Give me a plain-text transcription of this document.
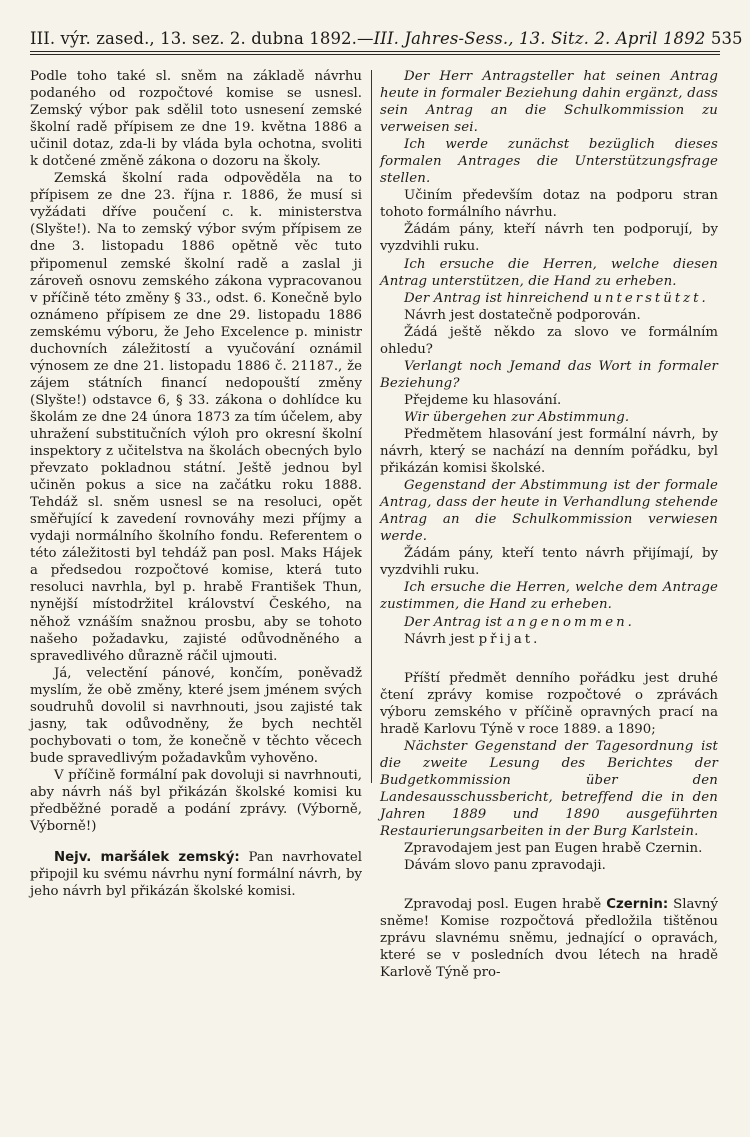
III. výr. zased., 13. sez. 2. dubna 1892. — III. Jahres-Sess., 13. Sitz. 2. April 1892 535

Podle toho také sl. sněm na základě návrhu podaného od rozpočtové komise se usnesl. Zemský výbor pak sdělil toto usnesení zemské školní radě přípisem ze dne 19. května 1886 a učinil dotaz, zda-li by vláda byla ochotna, svoliti k dotčené změně zákona o dozoru na školy.

Zemská školní rada odpověděla na to přípisem ze dne 23. října r. 1886, že musí si vyžádati dříve poučení c. k. ministerstva (Slyšte!). Na to zemský výbor svým přípisem ze dne 3. listopadu 1886 opětně věc tuto připomenul zemské školní radě a zaslal ji zároveň osnovu zemského zákona vypracovanou v příčině této změny § 33., odst. 6. Konečně bylo oznámeno přípisem ze dne 29. listopadu 1886 zemskému výboru, že Jeho Excelence p. ministr duchovních záležitostí a vyučování oznámil výnosem ze dne 21. listopadu 1886 č. 21187., že zájem státních financí nedopouští změny (Slyšte!) odstavce 6, § 33. zákona o dohlídce ku školám ze dne 24 února 1873 za tím účelem, aby uhražení substitučních výloh pro okresní školní inspektory z učitelstva na školách obecných bylo převzato pokladnou státní. Ještě jednou byl učiněn pokus a sice na začátku roku 1888. Tehdáž sl. sněm usnesl se na resoluci, opět směřující k zavedení rovnováhy mezi příjmy a vydaji normálního školního fondu. Referentem o této záležitosti byl tehdáž pan posl. Maks Hájek a předsedou rozpočtové komise, která tuto resoluci navrhla, byl p. hrabě František Thun, nynější místodržitel království Českého, na něhož vznáším snažnou prosbu, aby se tohoto našeho požadavku, zajisté odůvodněného a spravedlivého důrazně ráčil ujmouti.

Já, velectění pánové, končím, poněvadž myslím, že obě změny, které jsem jménem svých soudruhů dovolil si navrhnouti, jsou zajisté tak jasny, tak odůvodněny, že bych nechtěl pochybovati o tom, že konečně v těchto věcech bude spravedlivým požadavkům vyhověno.

V příčině formální pak dovoluji si navrhnouti, aby návrh náš byl přikázán školské komisi ku předběžné poradě a podání zprávy. (Výborně, Výborně!)

Nejv. maršálek zemský: Pan navrhovatel připojil ku svému návrhu nyní formální návrh, by jeho návrh byl přikázán školské komisi.

Der Herr Antragsteller hat seinen Antrag heute in formaler Beziehung dahin ergänzt, dass sein Antrag an die Schulkommission zu verweisen sei.

Ich werde zunächst bezüglich dieses formalen Antrages die Unterstützungsfrage stellen.

Učiním především dotaz na podporu stran tohoto formálního návrhu.

Žádám pány, kteří návrh ten podporují, by vyzdvihli ruku.

Ich ersuche die Herren, welche diesen Antrag unterstützen, die Hand zu erheben.

Der Antrag ist hinreichend unterstützt.

Návrh jest dostatečně podporován.

Žádá ještě někdo za slovo ve formálním ohledu?

Verlangt noch Jemand das Wort in formaler Beziehung?

Přejdeme ku hlasování.

Wir übergehen zur Abstimmung.

Předmětem hlasování jest formální návrh, by návrh, který se nachází na denním pořádku, byl přikázán komisi školské.

Gegenstand der Abstimmung ist der formale Antrag, dass der heute in Verhandlung stehende Antrag an die Schulkommission verwiesen werde.

Žádám pány, kteří tento návrh přijímají, by vyzdvihli ruku.

Ich ersuche die Herren, welche dem Antrage zustimmen, die Hand zu erheben.

Der Antrag ist angenommen.

Návrh jest přijat.

Příští předmět denního pořádku jest druhé čtení zprávy komise rozpočtové o zprávách výboru zemského v příčině opravných prací na hradě Karlovu Týně v roce 1889. a 1890;

Nächster Gegenstand der Tagesordnung ist die zweite Lesung des Berichtes der Budgetkommission über den Landesausschussbericht, betreffend die in den Jahren 1889 und 1890 ausgeführten Restaurierungsarbeiten in der Burg Karlstein.

Zpravodajem jest pan Eugen hrabě Czernin.

Dávám slovo panu zpravodaji.

Zpravodaj posl. Eugen hrabě Czernin: Slavný sněme! Komise rozpočtová předložila tištěnou zprávu slavnému sněmu, jednající o opravách, které se v posledních dvou létech na hradě Karlově Týně pro-
